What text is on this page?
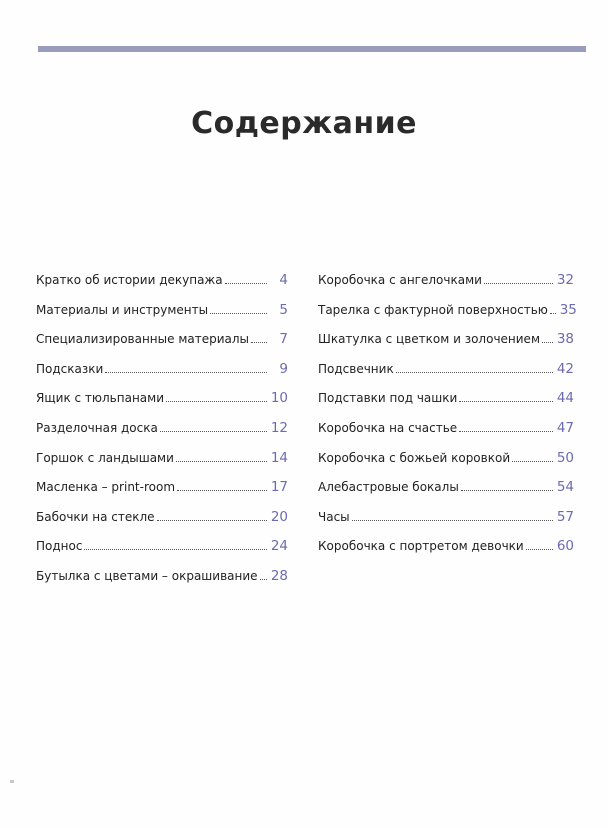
Содержание
Кратко об истории декупажа	4
Материалы и инструменты	5
Специализированные материалы	7
Подсказки	9
Ящик с тюльпанами	10
Разделочная доска	12
Горшок с ландышами	14
Масленка – print-room	17
Бабочки на стекле	20
Поднос	24
Бутылка с цветами – окрашивание 28
Коробочка с ангелочками	32
Тарелка с фактурной поверхностью 35
Шкатулка с цветком и золочением 38
Подсвечник	42
Подставки под чашки	44
Коробочка на счастье	47
Коробочка с божьей коровкой	50
Алебастровые бокалы	54
Часы	57
Коробочка с портретом девочки 60
